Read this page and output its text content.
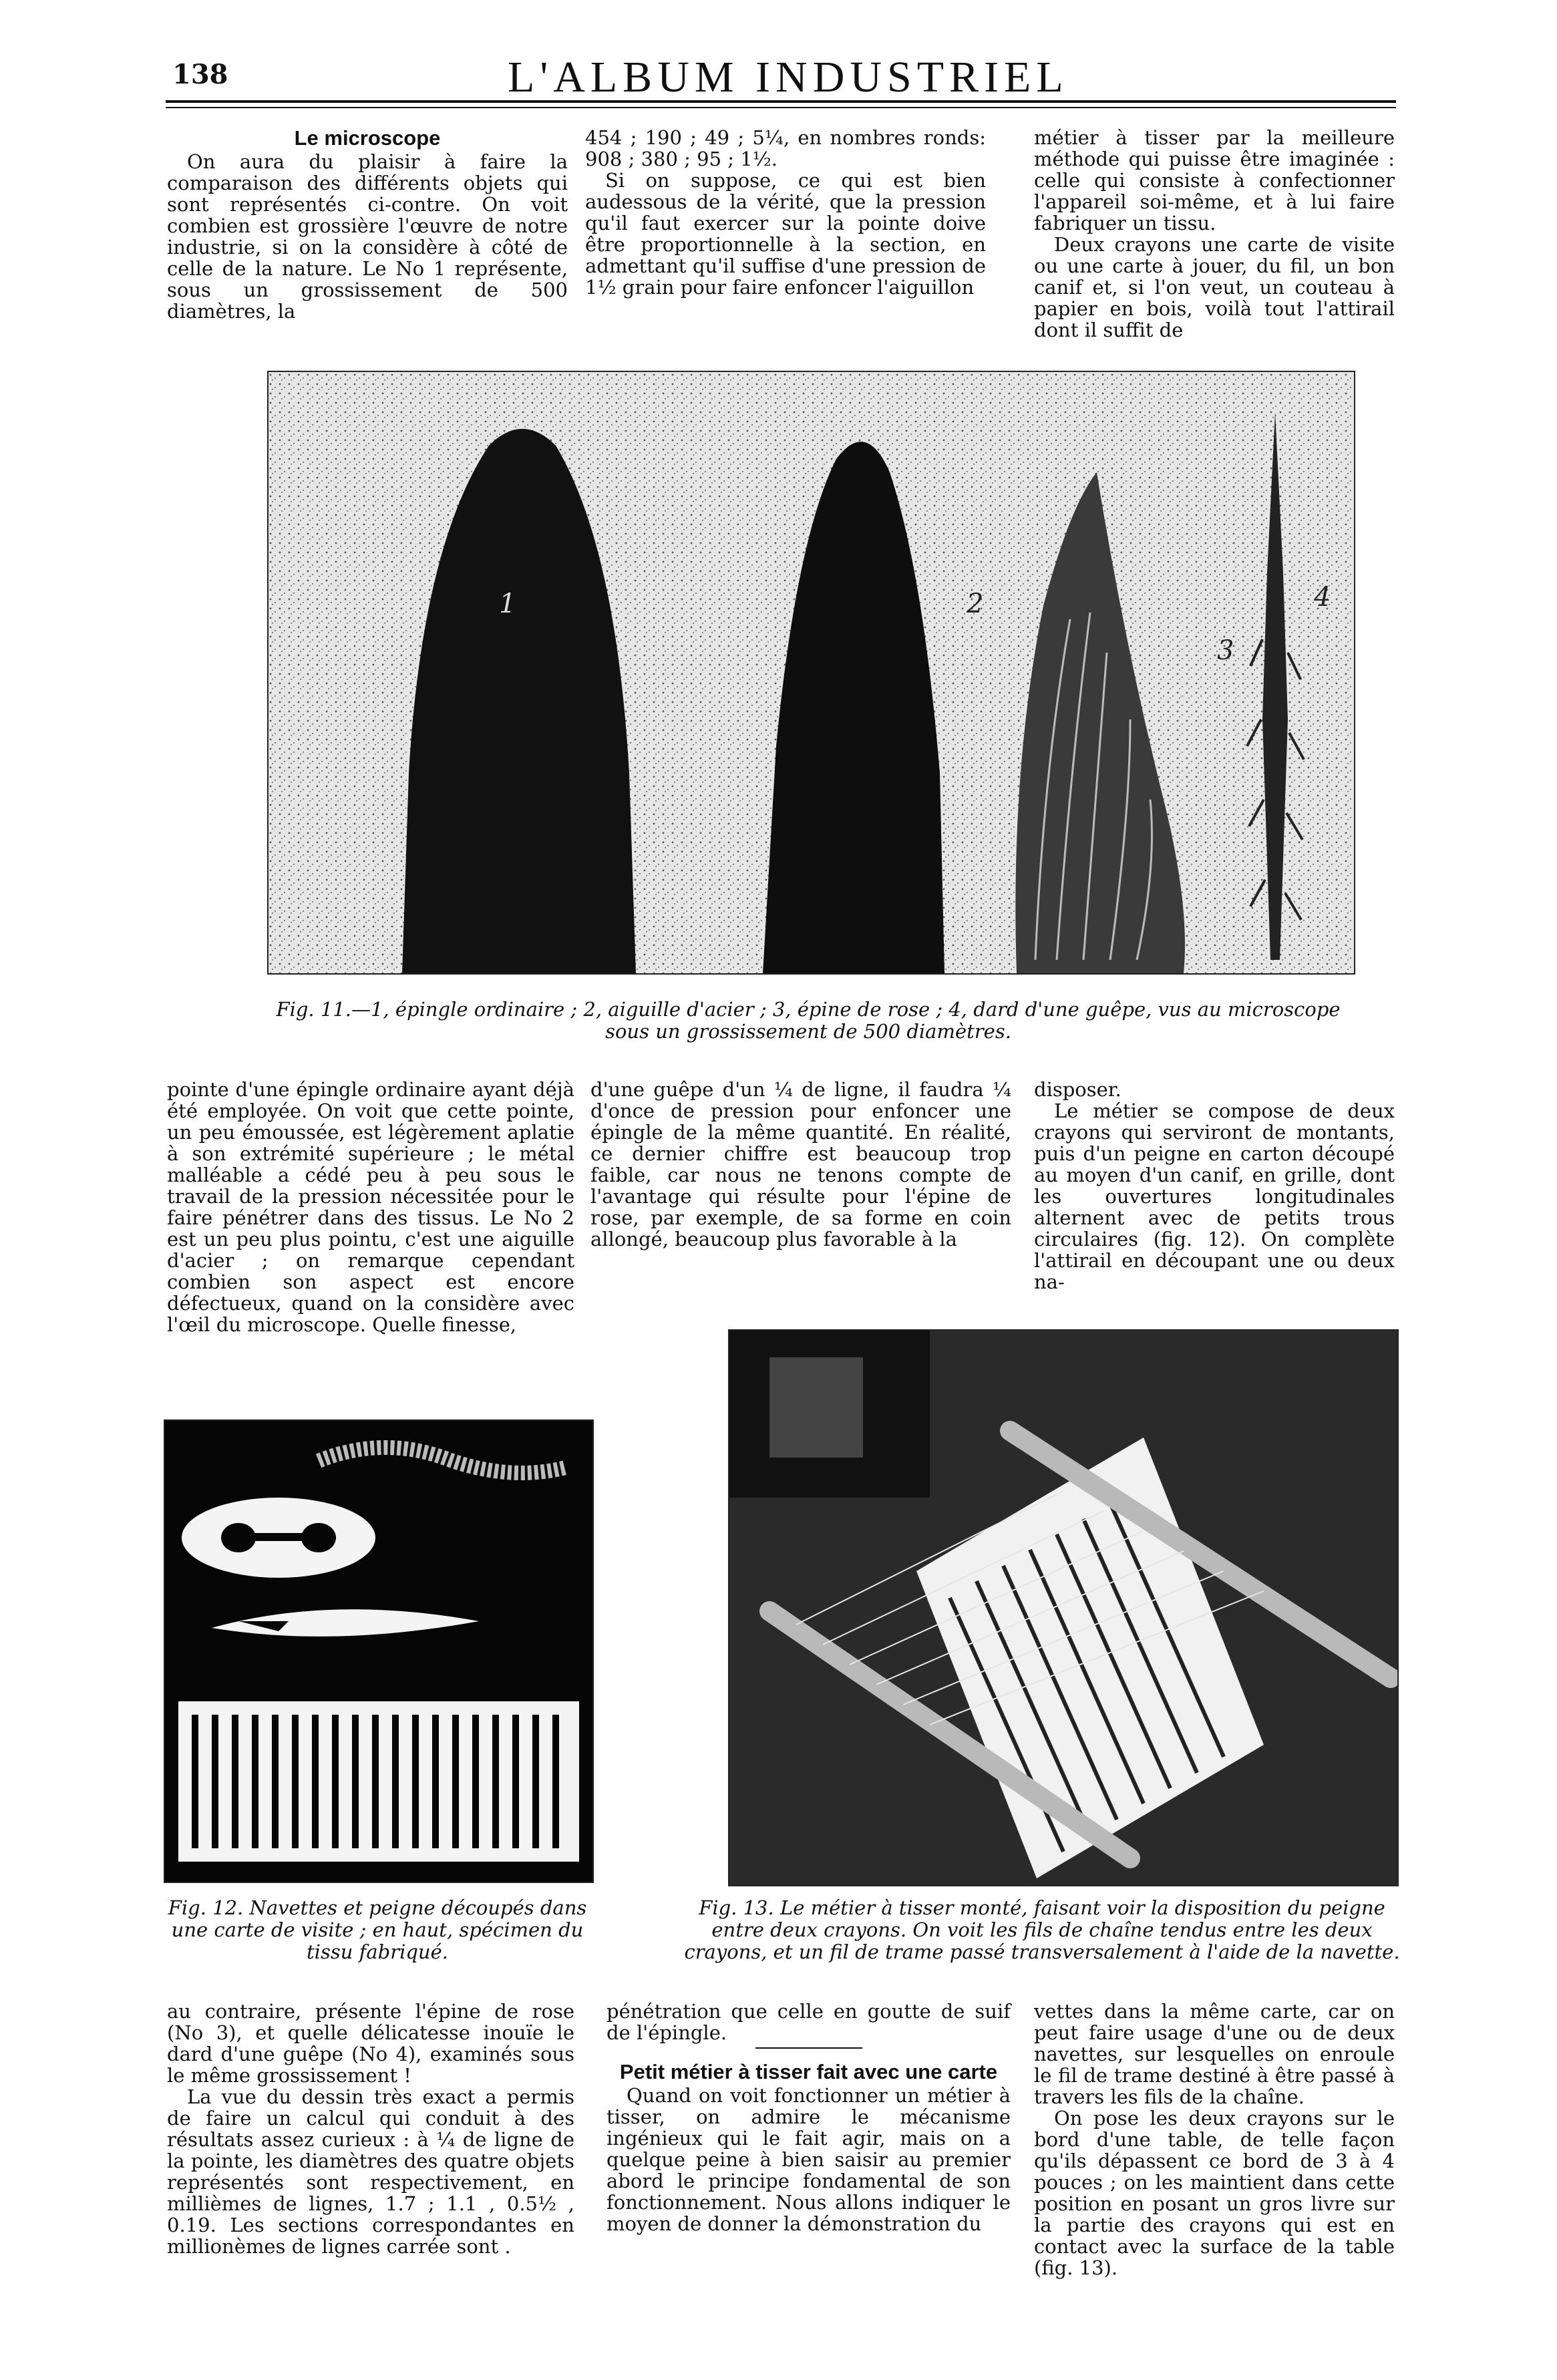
138	L'ALBUM INDUSTRIEL
Le microscope

On aura du plaisir à faire la comparaison des différents objets qui sont représentés ci-contre. On voit combien est grossière l'œuvre de notre industrie, si on la considère à côté de celle de la nature. Le No 1 représente, sous un grossissement de 500 diamètres, la

454 ; 190 ; 49 ; 5¼, en nombres ronds: 908 ; 380 ; 95 ; 1½.

Si on suppose, ce qui est bien audessous de la vérité, que la pression qu'il faut exercer sur la pointe doive être proportionnelle à la section, en admettant qu'il suffise d'une pression de 1½ grain pour faire enfoncer l'aiguillon

métier à tisser par la meilleure méthode qui puisse être imaginée : celle qui consiste à confectionner l'appareil soi-même, et à lui faire fabriquer un tissu.

Deux crayons une carte de visite ou une carte à jouer, du fil, un bon canif et, si l'on veut, un couteau à papier en bois, voilà tout l'attirail dont il suffit de

1	2
3
4
Fig. 11.—1, épingle ordinaire ; 2, aiguille d'acier ; 3, épine de rose ; 4, dard d'une guêpe, vus au microscope sous un grossissement de 500 diamètres.

pointe d'une épingle ordinaire ayant déjà été employée. On voit que cette pointe, un peu émoussée, est légèrement aplatie à son extrémité supérieure ; le métal malléable a cédé peu à peu sous le travail de la pression nécessitée pour le faire pénétrer dans des tissus. Le No 2 est un peu plus pointu, c'est une aiguille d'acier ; on remarque cependant combien son aspect est encore défectueux, quand on la considère avec l'œil du microscope. Quelle finesse,

d'une guêpe d'un ¼ de ligne, il faudra ¼ d'once de pression pour enfoncer une épingle de la même quantité. En réalité, ce dernier chiffre est beaucoup trop faible, car nous ne tenons compte de l'avantage qui résulte pour l'épine de rose, par exemple, de sa forme en coin allongé, beaucoup plus favorable à la

disposer.

Le métier se compose de deux crayons qui serviront de montants, puis d'un peigne en carton découpé au moyen d'un canif, en grille, dont les ouvertures longitudinales alternent avec de petits trous circulaires (fig. 12). On complète l'attirail en découpant une ou deux na-

Fig. 12. Navettes et peigne découpés dans une carte de visite ; en haut, spécimen du tissu fabriqué.
Fig. 13. Le métier à tisser monté, faisant voir la disposition du peigne entre deux crayons. On voit les fils de chaîne tendus entre les deux crayons, et un fil de trame passé transversalement à l'aide de la navette.

au contraire, présente l'épine de rose (No 3), et quelle délicatesse inouïe le dard d'une guêpe (No 4), examinés sous le même grossissement !

La vue du dessin très exact a permis de faire un calcul qui conduit à des résultats assez curieux : à ¼ de ligne de la pointe, les diamètres des quatre objets représentés sont respectivement, en millièmes de lignes, 1.7 ; 1.1 , 0.5½ , 0.19. Les sections correspondantes en millionèmes de lignes carrée sont .

pénétration que celle en goutte de suif de l'épingle.

Petit métier à tisser fait avec une carte

Quand on voit fonctionner un métier à tisser, on admire le mécanisme ingénieux qui le fait agir, mais on a quelque peine à bien saisir au premier abord le principe fondamental de son fonctionnement. Nous allons indiquer le moyen de donner la démonstration du

vettes dans la même carte, car on peut faire usage d'une ou de deux navettes, sur lesquelles on enroule le fil de trame destiné à être passé à travers les fils de la chaîne.

On pose les deux crayons sur le bord d'une table, de telle façon qu'ils dépassent ce bord de 3 à 4 pouces ; on les maintient dans cette position en posant un gros livre sur la partie des crayons qui est en contact avec la surface de la table (fig. 13).
